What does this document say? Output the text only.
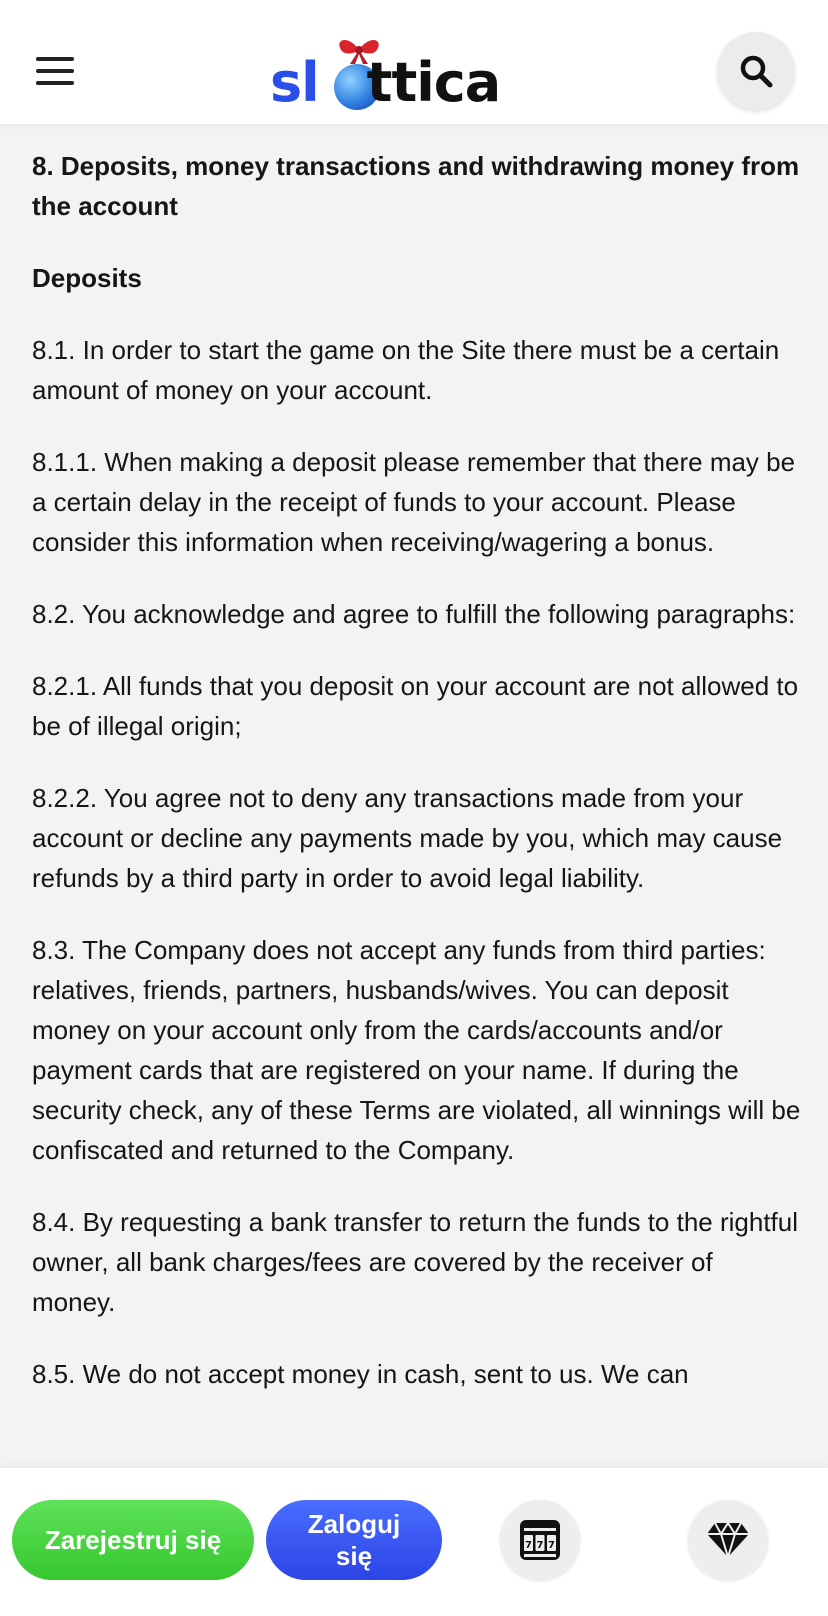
sl ttica
8. Deposits, money transactions and withdrawing money from the account
Deposits

8.1. In order to start the game on the Site there must be a certain amount of money on your account.

8.1.1. When making a deposit please remember that there may be a certain delay in the receipt of funds to your account. Please consider this information when receiving/wagering a bonus.

8.2. You acknowledge and agree to fulfill the following paragraphs:

8.2.1. All funds that you deposit on your account are not allowed to be of illegal origin;

8.2.2. You agree not to deny any transactions made from your account or decline any payments made by you, which may cause refunds by a third party in order to avoid legal liability.

8.3. The Company does not accept any funds from third parties: relatives, friends, partners, husbands/wives. You can deposit money on your account only from the cards/accounts and/or payment cards that are registered on your name. If during the security check, any of these Terms are violated, all winnings will be confiscated and returned to the Company.

8.4. By requesting a bank transfer to return the funds to the rightful owner, all bank charges/fees are covered by the receiver of money.

8.5. We do not accept money in cash, sent to us. We can

Zarejestruj się
Zaloguj się	7 7 7
